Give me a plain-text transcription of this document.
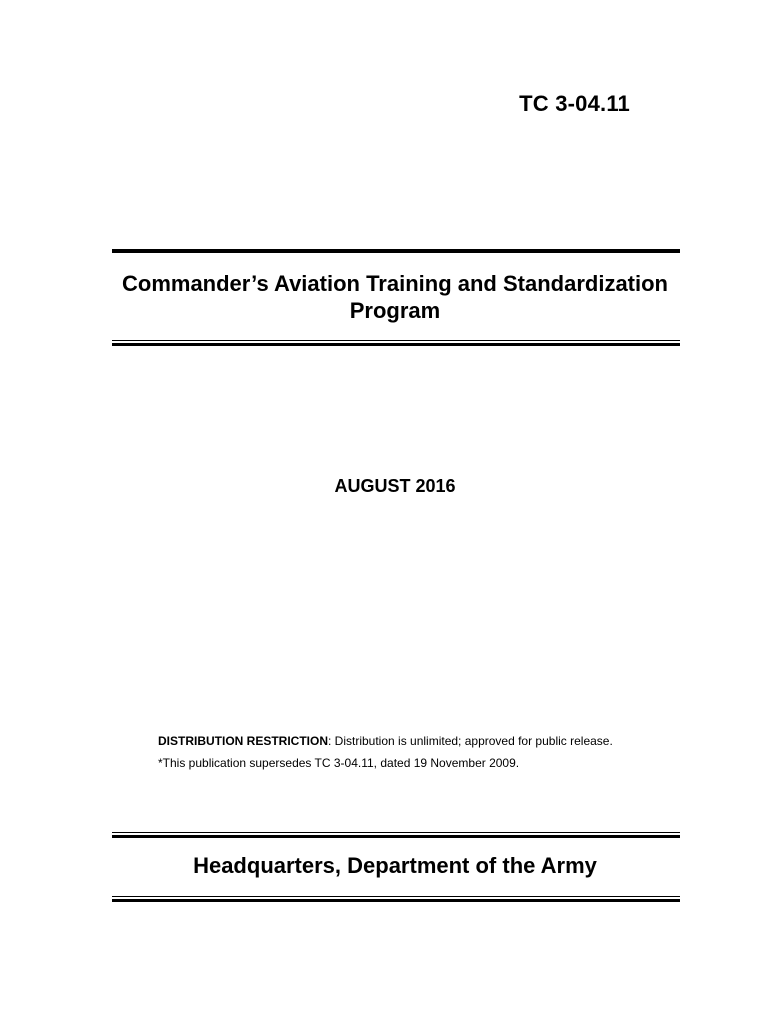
TC 3-04.11
Commander’s Aviation Training and Standardization
Program
AUGUST 2016
DISTRIBUTION RESTRICTION: Distribution is unlimited; approved for public release.
*This publication supersedes TC 3-04.11, dated 19 November 2009.
Headquarters, Department of the Army
